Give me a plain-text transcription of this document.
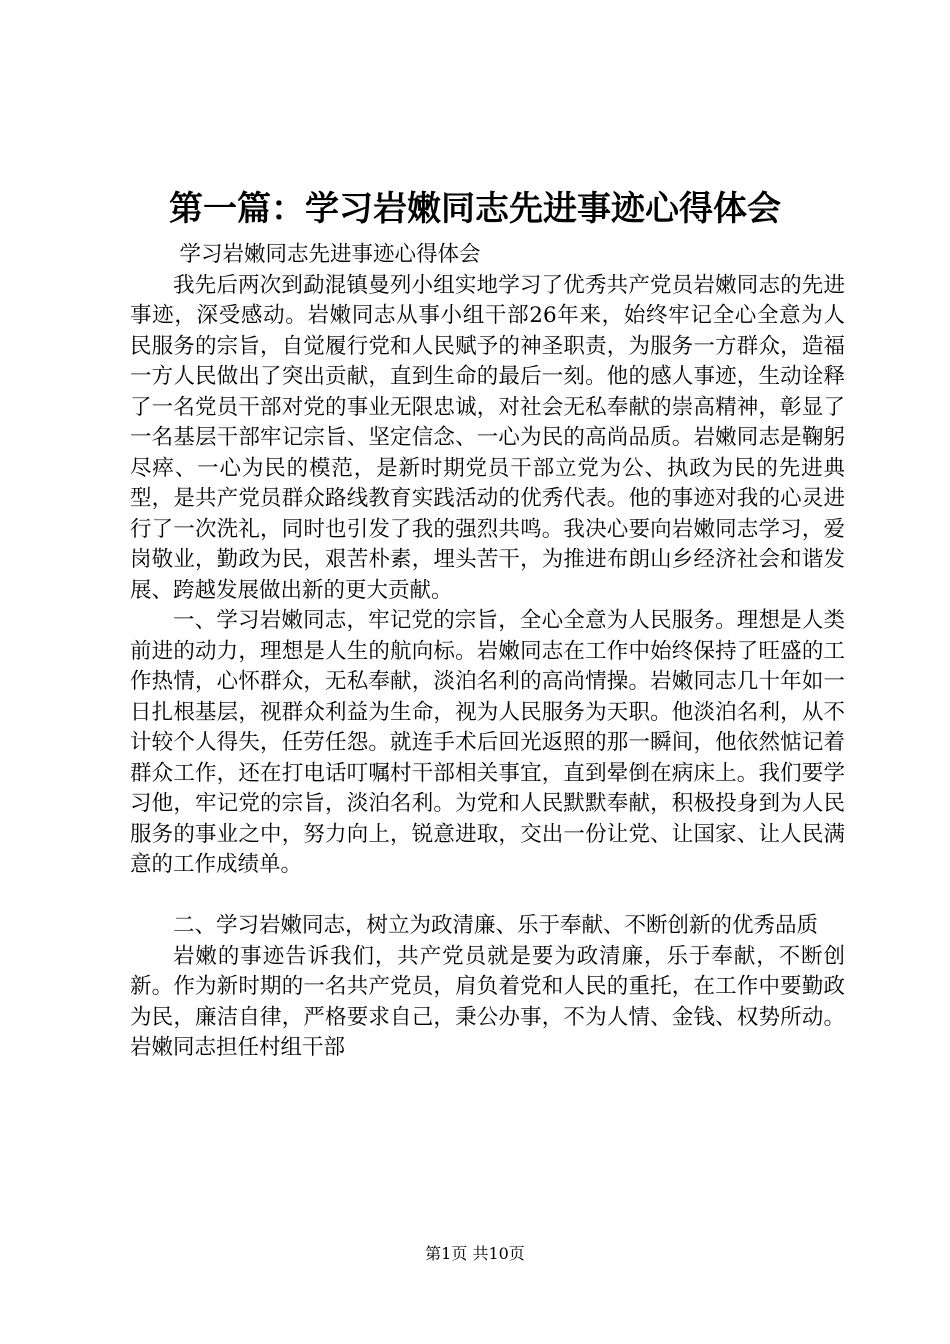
第一篇：学习岩嫩同志先进事迹心得体会

学习岩嫩同志先进事迹心得体会

我先后两次到勐混镇曼列小组实地学习了优秀共产党员岩嫩同志的先进事迹，深受感动。岩嫩同志从事小组干部26年来，始终牢记全心全意为人民服务的宗旨，自觉履行党和人民赋予的神圣职责，为服务一方群众，造福一方人民做出了突出贡献，直到生命的最后一刻。他的感人事迹，生动诠释了一名党员干部对党的事业无限忠诚，对社会无私奉献的崇高精神，彰显了一名基层干部牢记宗旨、坚定信念、一心为民的高尚品质。岩嫩同志是鞠躬尽瘁、一心为民的模范，是新时期党员干部立党为公、执政为民的先进典型，是共产党员群众路线教育实践活动的优秀代表。他的事迹对我的心灵进行了一次洗礼，同时也引发了我的强烈共鸣。我决心要向岩嫩同志学习，爱岗敬业，勤政为民，艰苦朴素，埋头苦干，为推进布朗山乡经济社会和谐发展、跨越发展做出新的更大贡献。

一、学习岩嫩同志，牢记党的宗旨，全心全意为人民服务。理想是人类前进的动力，理想是人生的航向标。岩嫩同志在工作中始终保持了旺盛的工作热情，心怀群众，无私奉献，淡泊名利的高尚情操。岩嫩同志几十年如一日扎根基层，视群众利益为生命，视为人民服务为天职。他淡泊名利，从不计较个人得失，任劳任怨。就连手术后回光返照的那一瞬间，他依然惦记着群众工作，还在打电话叮嘱村干部相关事宜，直到晕倒在病床上。我们要学习他，牢记党的宗旨，淡泊名利。为党和人民默默奉献，积极投身到为人民服务的事业之中，努力向上，锐意进取，交出一份让党、让国家、让人民满意的工作成绩单。

二、学习岩嫩同志，树立为政清廉、乐于奉献、不断创新的优秀品质

岩嫩的事迹告诉我们，共产党员就是要为政清廉，乐于奉献，不断创新。作为新时期的一名共产党员，肩负着党和人民的重托，在工作中要勤政为民，廉洁自律，严格要求自己，秉公办事，不为人情、金钱、权势所动。岩嫩同志担任村组干部

第1页 共10页
